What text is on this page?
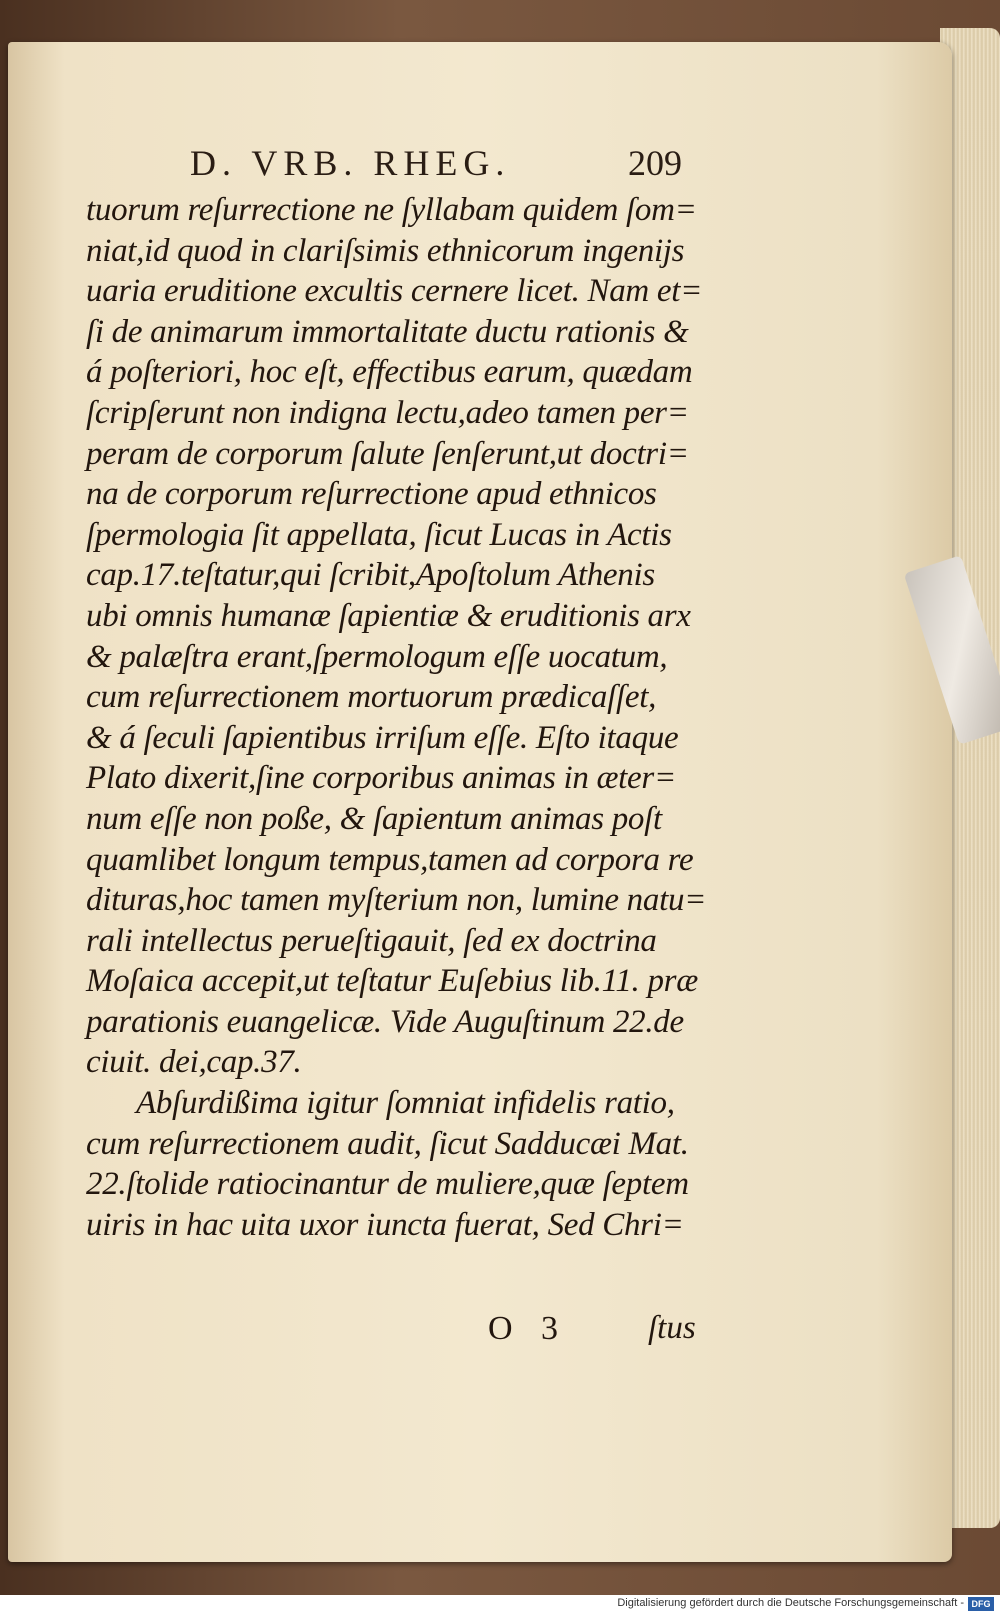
D. VRB. RHEG.	209
tuorum reſurrectione ne ſyllabam quidem ſom=
niat,id quod in clariſsimis ethnicorum ingenijs
uaria eruditione excultis cernere licet. Nam et=
ſi de animarum immortalitate ductu rationis &
á poſteriori, hoc eſt, effectibus earum, quædam
ſcripſerunt non indigna lectu,adeo tamen per=
peram de corporum ſalute ſenſerunt,ut doctri=
na de corporum reſurrectione apud ethnicos
ſpermologia ſit appellata, ſicut Lucas in Actis
cap.17.teſtatur,qui ſcribit,Apoſtolum Athenis
ubi omnis humanæ ſapientiæ & eruditionis arx
& palæſtra erant,ſpermologum eſſe uocatum,
cum reſurrectionem mortuorum prædicaſſet,
& á ſeculi ſapientibus irriſum eſſe. Eſto itaque
Plato dixerit,ſine corporibus animas in æter=
num eſſe non poße, & ſapientum animas poſt
quamlibet longum tempus,tamen ad corpora re
dituras,hoc tamen myſterium non, lumine natu=
rali intellectus perueſtigauit, ſed ex doctrina
Moſaica accepit,ut teſtatur Euſebius lib.11. præ
parationis euangelicæ. Vide Auguſtinum 22.de
ciuit. dei,cap.37.
Abſurdißima igitur ſomniat infidelis ratio,
cum reſurrectionem audit, ſicut Sadducæi Mat.
22.ſtolide ratiocinantur de muliere,quæ ſeptem
uiris in hac uita uxor iuncta fuerat, Sed Chri=
O 3 ſtus
Digitalisierung gefördert durch die Deutsche Forschungsgemeinschaft - DFG
